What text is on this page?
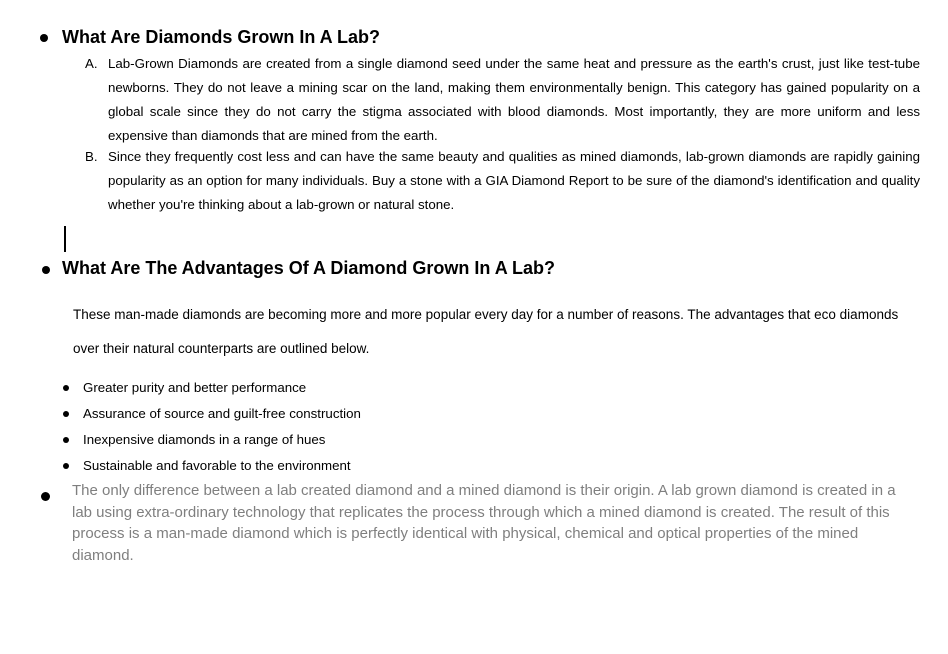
What Are Diamonds Grown In A Lab?
A. Lab-Grown Diamonds are created from a single diamond seed under the same heat and pressure as the earth's crust, just like test-tube newborns. They do not leave a mining scar on the land, making them environmentally benign. This category has gained popularity on a global scale since they do not carry the stigma associated with blood diamonds. Most importantly, they are more uniform and less expensive than diamonds that are mined from the earth.
B. Since they frequently cost less and can have the same beauty and qualities as mined diamonds, lab-grown diamonds are rapidly gaining popularity as an option for many individuals. Buy a stone with a GIA Diamond Report to be sure of the diamond's identification and quality whether you're thinking about a lab-grown or natural stone.
What Are The Advantages Of A Diamond Grown In A Lab?
These man-made diamonds are becoming more and more popular every day for a number of reasons. The advantages that eco diamonds over their natural counterparts are outlined below.
Greater purity and better performance
Assurance of source and guilt-free construction
Inexpensive diamonds in a range of hues
Sustainable and favorable to the environment
The only difference between a lab created diamond and a mined diamond is their origin. A lab grown diamond is created in a lab using extra-ordinary technology that replicates the process through which a mined diamond is created. The result of this process is a man-made diamond which is perfectly identical with physical, chemical and optical properties of the mined diamond.
